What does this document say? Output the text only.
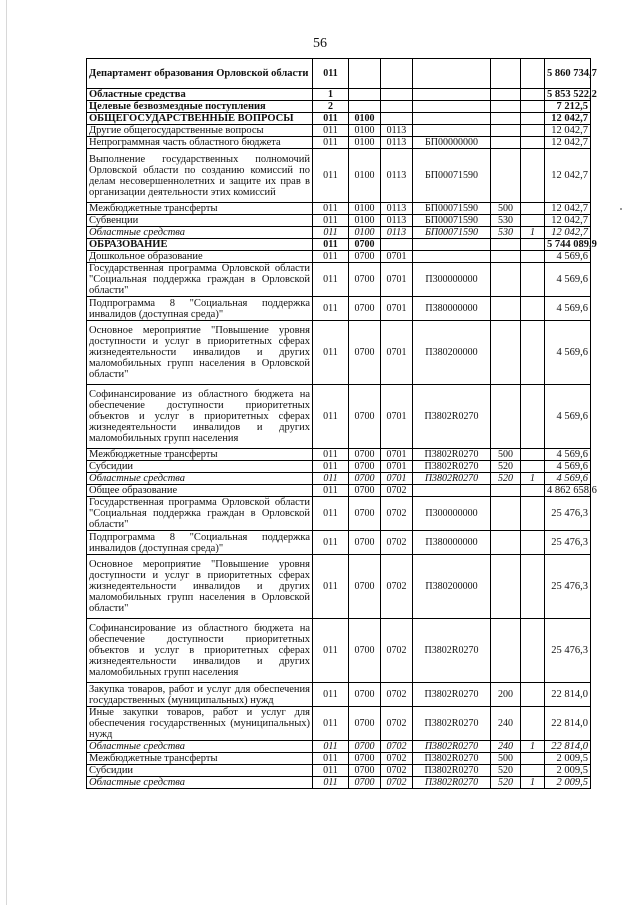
56
Департамент образования Орловской области	011						5 860 734,7
Областные средства	1						5 853 522,2
Целевые безвозмездные поступления	2						7 212,5
ОБЩЕГОСУДАРСТВЕННЫЕ ВОПРОСЫ	011	0100					12 042,7
Другие общегосударственные вопросы	011	0100	0113				12 042,7
Непрограммная часть областного бюджета	011	0100	0113	БП00000000			12 042,7
Выполнение государственных полномочий Орловской области по созданию комиссий по делам несовершеннолетних и защите их прав в организации деятельности этих комиссий	011	0100	0113	БП00071590			12 042,7
Межбюджетные трансферты	011	0100	0113	БП00071590	500		12 042,7
Субвенции	011	0100	0113	БП00071590	530		12 042,7
Областные средства	011	0100	0113	БП00071590	530	1	12 042,7
ОБРАЗОВАНИЕ	011	0700					5 744 089,9
Дошкольное образование	011	0700	0701				4 569,6
Государственная программа Орловской области "Социальная поддержка граждан в Орловской области"	011	0700	0701	П300000000			4 569,6
Подпрограмма 8 "Социальная поддержка инвалидов (доступная среда)"	011	0700	0701	П380000000			4 569,6
Основное мероприятие "Повышение уровня доступности и услуг в приоритетных сферах жизнедеятельности инвалидов и других маломобильных групп населения в Орловской области"	011	0700	0701	П380200000			4 569,6
Софинансирование из областного бюджета на обеспечение доступности приоритетных объектов и услуг в приоритетных сферах жизнедеятельности инвалидов и других маломобильных групп населения	011	0700	0701	П3802R0270			4 569,6
Межбюджетные трансферты	011	0700	0701	П3802R0270	500		4 569,6
Субсидии	011	0700	0701	П3802R0270	520		4 569,6
Областные средства	011	0700	0701	П3802R0270	520	1	4 569,6
Общее образование	011	0700	0702				4 862 658,6
Государственная программа Орловской области "Социальная поддержка граждан в Орловской области"	011	0700	0702	П300000000			25 476,3
Подпрограмма 8 "Социальная поддержка инвалидов (доступная среда)"	011	0700	0702	П380000000			25 476,3
Основное мероприятие "Повышение уровня доступности и услуг в приоритетных сферах жизнедеятельности инвалидов и других маломобильных групп населения в Орловской области"	011	0700	0702	П380200000			25 476,3
Софинансирование из областного бюджета на обеспечение доступности приоритетных объектов и услуг в приоритетных сферах жизнедеятельности инвалидов и других маломобильных групп населения	011	0700	0702	П3802R0270			25 476,3
Закупка товаров, работ и услуг для обеспечения государственных (муниципальных) нужд	011	0700	0702	П3802R0270	200		22 814,0
Иные закупки товаров, работ и услуг для обеспечения государственных (муниципальных) нужд	011	0700	0702	П3802R0270	240		22 814,0
Областные средства	011	0700	0702	П3802R0270	240	1	22 814,0
Межбюджетные трансферты	011	0700	0702	П3802R0270	500		2 009,5
Субсидии	011	0700	0702	П3802R0270	520		2 009,5
Областные средства	011	0700	0702	П3802R0270	520	1	2 009,5
